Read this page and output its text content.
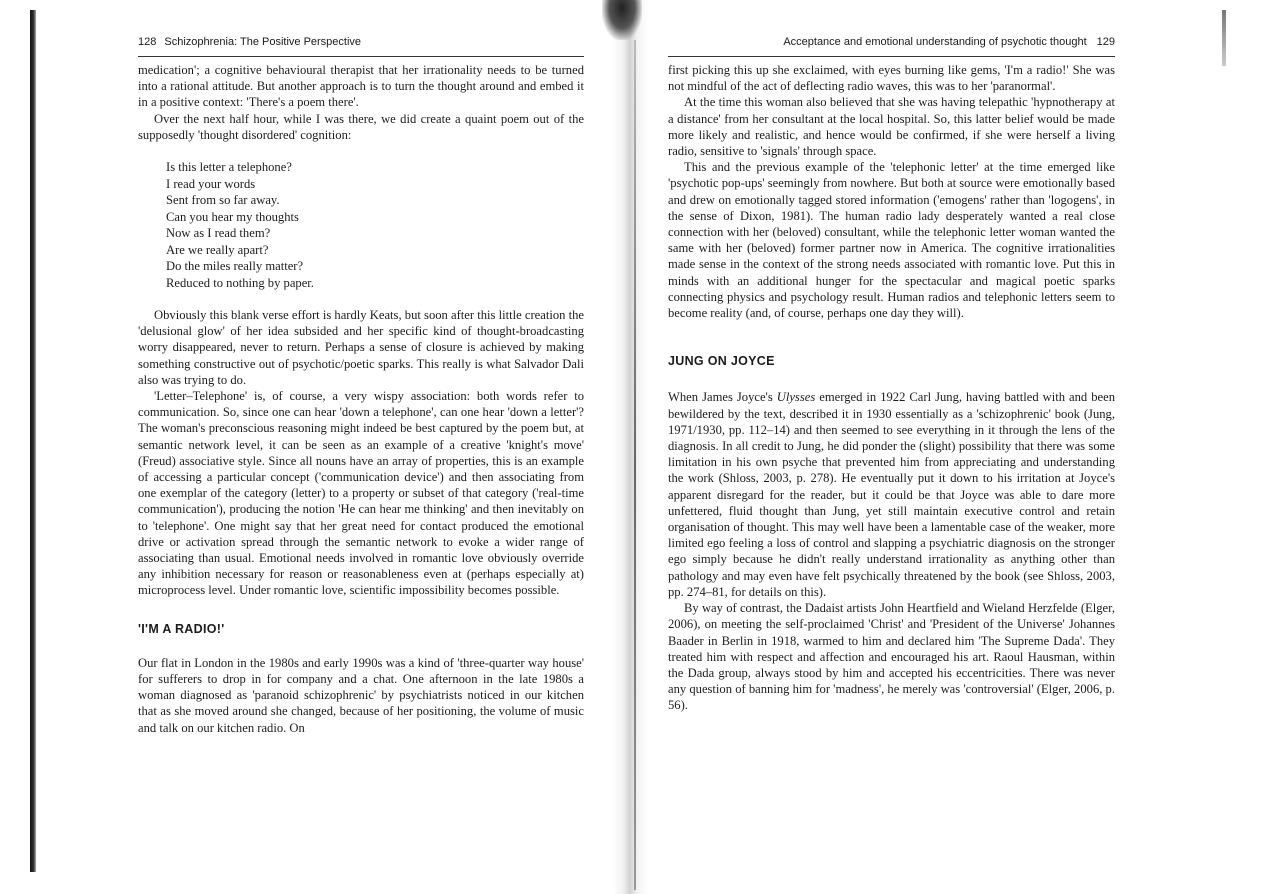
128 Schizophrenia: The Positive Perspective

medication'; a cognitive behavioural therapist that her irrationality needs to be turned into a rational attitude. But another approach is to turn the thought around and embed it in a positive context: 'There's a poem there'.

Over the next half hour, while I was there, we did create a quaint poem out of the supposedly 'thought disordered' cognition:

Is this letter a telephone?
I read your words
Sent from so far away.
Can you hear my thoughts
Now as I read them?
Are we really apart?
Do the miles really matter?
Reduced to nothing by paper.

Obviously this blank verse effort is hardly Keats, but soon after this little creation the 'delusional glow' of her idea subsided and her specific kind of thought-broadcasting worry disappeared, never to return. Perhaps a sense of closure is achieved by making something constructive out of psychotic/poetic sparks. This really is what Salvador Dali also was trying to do.

'Letter–Telephone' is, of course, a very wispy association: both words refer to communication. So, since one can hear 'down a telephone', can one hear 'down a letter'? The woman's preconscious reasoning might indeed be best captured by the poem but, at semantic network level, it can be seen as an example of a creative 'knight's move' (Freud) associative style. Since all nouns have an array of properties, this is an example of accessing a particular concept ('communication device') and then associating from one exemplar of the category (letter) to a property or subset of that category ('real-time communication'), producing the notion 'He can hear me thinking' and then inevitably on to 'telephone'. One might say that her great need for contact produced the emotional drive or activation spread through the semantic network to evoke a wider range of associating than usual. Emotional needs involved in romantic love obviously override any inhibition necessary for reason or reasonableness even at (perhaps especially at) microprocess level. Under romantic love, scientific impossibility becomes possible.

'I'M A RADIO!'

Our flat in London in the 1980s and early 1990s was a kind of 'three-quarter way house' for sufferers to drop in for company and a chat. One afternoon in the late 1980s a woman diagnosed as 'paranoid schizophrenic' by psychiatrists noticed in our kitchen that as she moved around she changed, because of her positioning, the volume of music and talk on our kitchen radio. On

Acceptance and emotional understanding of psychotic thought 129

first picking this up she exclaimed, with eyes burning like gems, 'I'm a radio!' She was not mindful of the act of deflecting radio waves, this was to her 'paranormal'.

At the time this woman also believed that she was having telepathic 'hypnotherapy at a distance' from her consultant at the local hospital. So, this latter belief would be made more likely and realistic, and hence would be confirmed, if she were herself a living radio, sensitive to 'signals' through space.

This and the previous example of the 'telephonic letter' at the time emerged like 'psychotic pop-ups' seemingly from nowhere. But both at source were emotionally based and drew on emotionally tagged stored information ('emogens' rather than 'logogens', in the sense of Dixon, 1981). The human radio lady desperately wanted a real close connection with her (beloved) consultant, while the telephonic letter woman wanted the same with her (beloved) former partner now in America. The cognitive irrationalities made sense in the context of the strong needs associated with romantic love. Put this in minds with an additional hunger for the spectacular and magical poetic sparks connecting physics and psychology result. Human radios and telephonic letters seem to become reality (and, of course, perhaps one day they will).

JUNG ON JOYCE

When James Joyce's Ulysses emerged in 1922 Carl Jung, having battled with and been bewildered by the text, described it in 1930 essentially as a 'schizophrenic' book (Jung, 1971/1930, pp. 112–14) and then seemed to see everything in it through the lens of the diagnosis. In all credit to Jung, he did ponder the (slight) possibility that there was some limitation in his own psyche that prevented him from appreciating and understanding the work (Shloss, 2003, p. 278). He eventually put it down to his irritation at Joyce's apparent disregard for the reader, but it could be that Joyce was able to dare more unfettered, fluid thought than Jung, yet still maintain executive control and retain organisation of thought. This may well have been a lamentable case of the weaker, more limited ego feeling a loss of control and slapping a psychiatric diagnosis on the stronger ego simply because he didn't really understand irrationality as anything other than pathology and may even have felt psychically threatened by the book (see Shloss, 2003, pp. 274–81, for details on this).

By way of contrast, the Dadaist artists John Heartfield and Wieland Herzfelde (Elger, 2006), on meeting the self-proclaimed 'Christ' and 'President of the Universe' Johannes Baader in Berlin in 1918, warmed to him and declared him 'The Supreme Dada'. They treated him with respect and affection and encouraged his art. Raoul Hausman, within the Dada group, always stood by him and accepted his eccentricities. There was never any question of banning him for 'madness', he merely was 'controversial' (Elger, 2006, p. 56).
